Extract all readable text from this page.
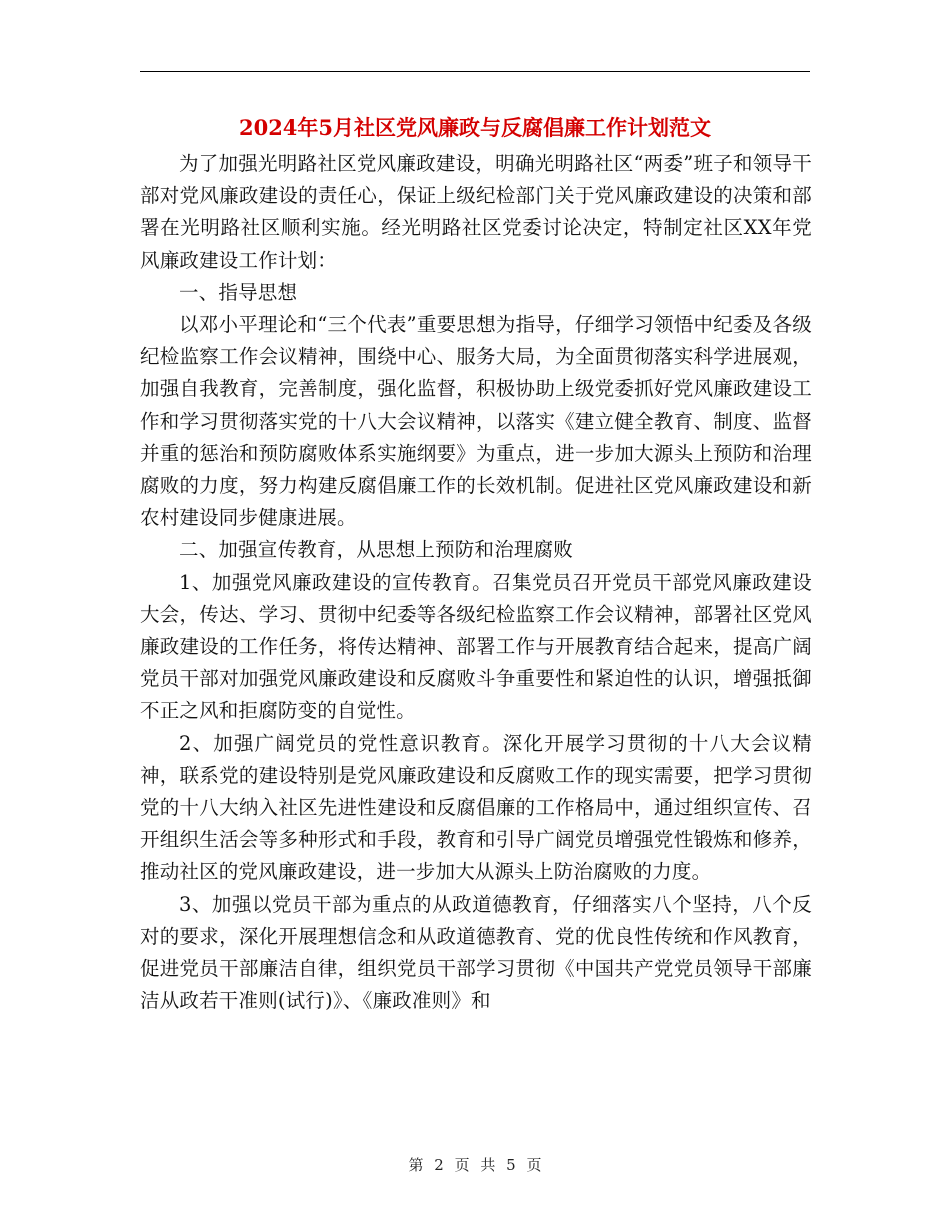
2024年5月社区党风廉政与反腐倡廉工作计划范文

为了加强光明路社区党风廉政建设，明确光明路社区“两委”班子和领导干部对党风廉政建设的责任心，保证上级纪检部门关于党风廉政建设的决策和部署在光明路社区顺利实施。经光明路社区党委讨论决定，特制定社区XX年党风廉政建设工作计划：

一、指导思想

以邓小平理论和“三个代表”重要思想为指导，仔细学习领悟中纪委及各级纪检监察工作会议精神，围绕中心、服务大局，为全面贯彻落实科学进展观，加强自我教育，完善制度，强化监督，积极协助上级党委抓好党风廉政建设工作和学习贯彻落实党的十八大会议精神，以落实《建立健全教育、制度、监督并重的惩治和预防腐败体系实施纲要》为重点，进一步加大源头上预防和治理腐败的力度，努力构建反腐倡廉工作的长效机制。促进社区党风廉政建设和新农村建设同步健康进展。

二、加强宣传教育，从思想上预防和治理腐败

1、加强党风廉政建设的宣传教育。召集党员召开党员干部党风廉政建设大会，传达、学习、贯彻中纪委等各级纪检监察工作会议精神，部署社区党风廉政建设的工作任务，将传达精神、部署工作与开展教育结合起来，提高广阔党员干部对加强党风廉政建设和反腐败斗争重要性和紧迫性的认识，增强抵御不正之风和拒腐防变的自觉性。

2、加强广阔党员的党性意识教育。深化开展学习贯彻的十八大会议精神，联系党的建设特别是党风廉政建设和反腐败工作的现实需要，把学习贯彻党的十八大纳入社区先进性建设和反腐倡廉的工作格局中，通过组织宣传、召开组织生活会等多种形式和手段，教育和引导广阔党员增强党性锻炼和修养，推动社区的党风廉政建设，进一步加大从源头上防治腐败的力度。

3、加强以党员干部为重点的从政道德教育，仔细落实八个坚持，八个反对的要求，深化开展理想信念和从政道德教育、党的优良性传统和作风教育，促进党员干部廉洁自律，组织党员干部学习贯彻《中国共产党党员领导干部廉洁从政若干准则(试行)》、《廉政准则》和

第 2 页 共 5 页
